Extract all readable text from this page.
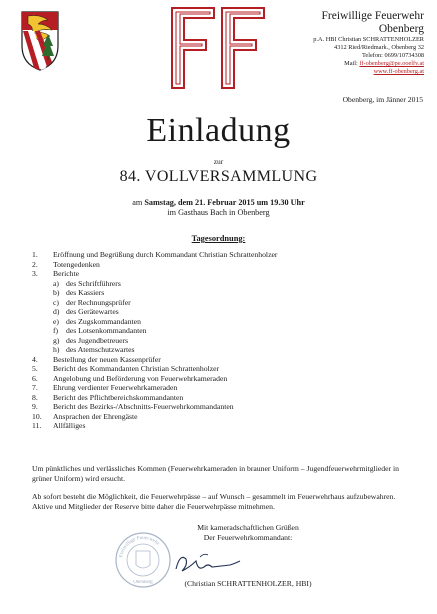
Freiwillige Feuerwehr
Obenberg
p.A. HBI Christian SCHRATTENHOLZER
4312 Ried/Riedmark., Obenberg 32
Telefon: 0699/10734308
Mail: ff-obenberg@pe.ooelfv.at
www.ff-obenberg.at
Obenberg, im Jänner 2015
Einladung
zur
84. VOLLVERSAMMLUNG
am Samstag, dem 21. Februar 2015 um 19.30 Uhr
im Gasthaus Bach in Obenberg
Tagesordnung:
1.	Eröffnung und Begrüßung durch Kommandant Christian Schrattenholzer
2.	Totengedenken
3.	Berichte
a) des Schriftführers
b) des Kassiers
c) der Rechnungsprüfer
d) des Gerätewartes
e) des Zugskommandanten
f)	des Lotsenkommandanten
g) des Jugendbetreuers
h) des Atemschutzwartes
4.	Bestellung der neuen Kassenprüfer
5.	Bericht des Kommandanten Christian Schrattenholzer
6.	Angelobung und Beförderung von Feuerwehrkameraden
7.	Ehrung verdienter Feuerwehrkameraden
8.	Bericht des Pflichtbereichskommandanten
9.	Bericht des Bezirks-/Abschnitts-Feuerwehrkommandanten
10.	Ansprachen der Ehrengäste
11.	Allfälliges
Um pünktliches und verlässliches Kommen (Feuerwehrkameraden in brauner Uniform – Jugendfeuerwehrmitglieder in grüner Uniform) wird ersucht.
Ab sofort besteht die Möglichkeit, die Feuerwehrpässe – auf Wunsch – gesammelt im Feuerwehrhaus aufzubewahren. Aktive und Mitglieder der Reserve bitte daher die Feuerwehrpässe mitnehmen.
Mit kameradschaftlichen Grüßen
Der Feuerwehrkommandant:
Freiwillige Feuerwehr
Obenberg	(Christian SCHRATTENHOLZER, HBI)
